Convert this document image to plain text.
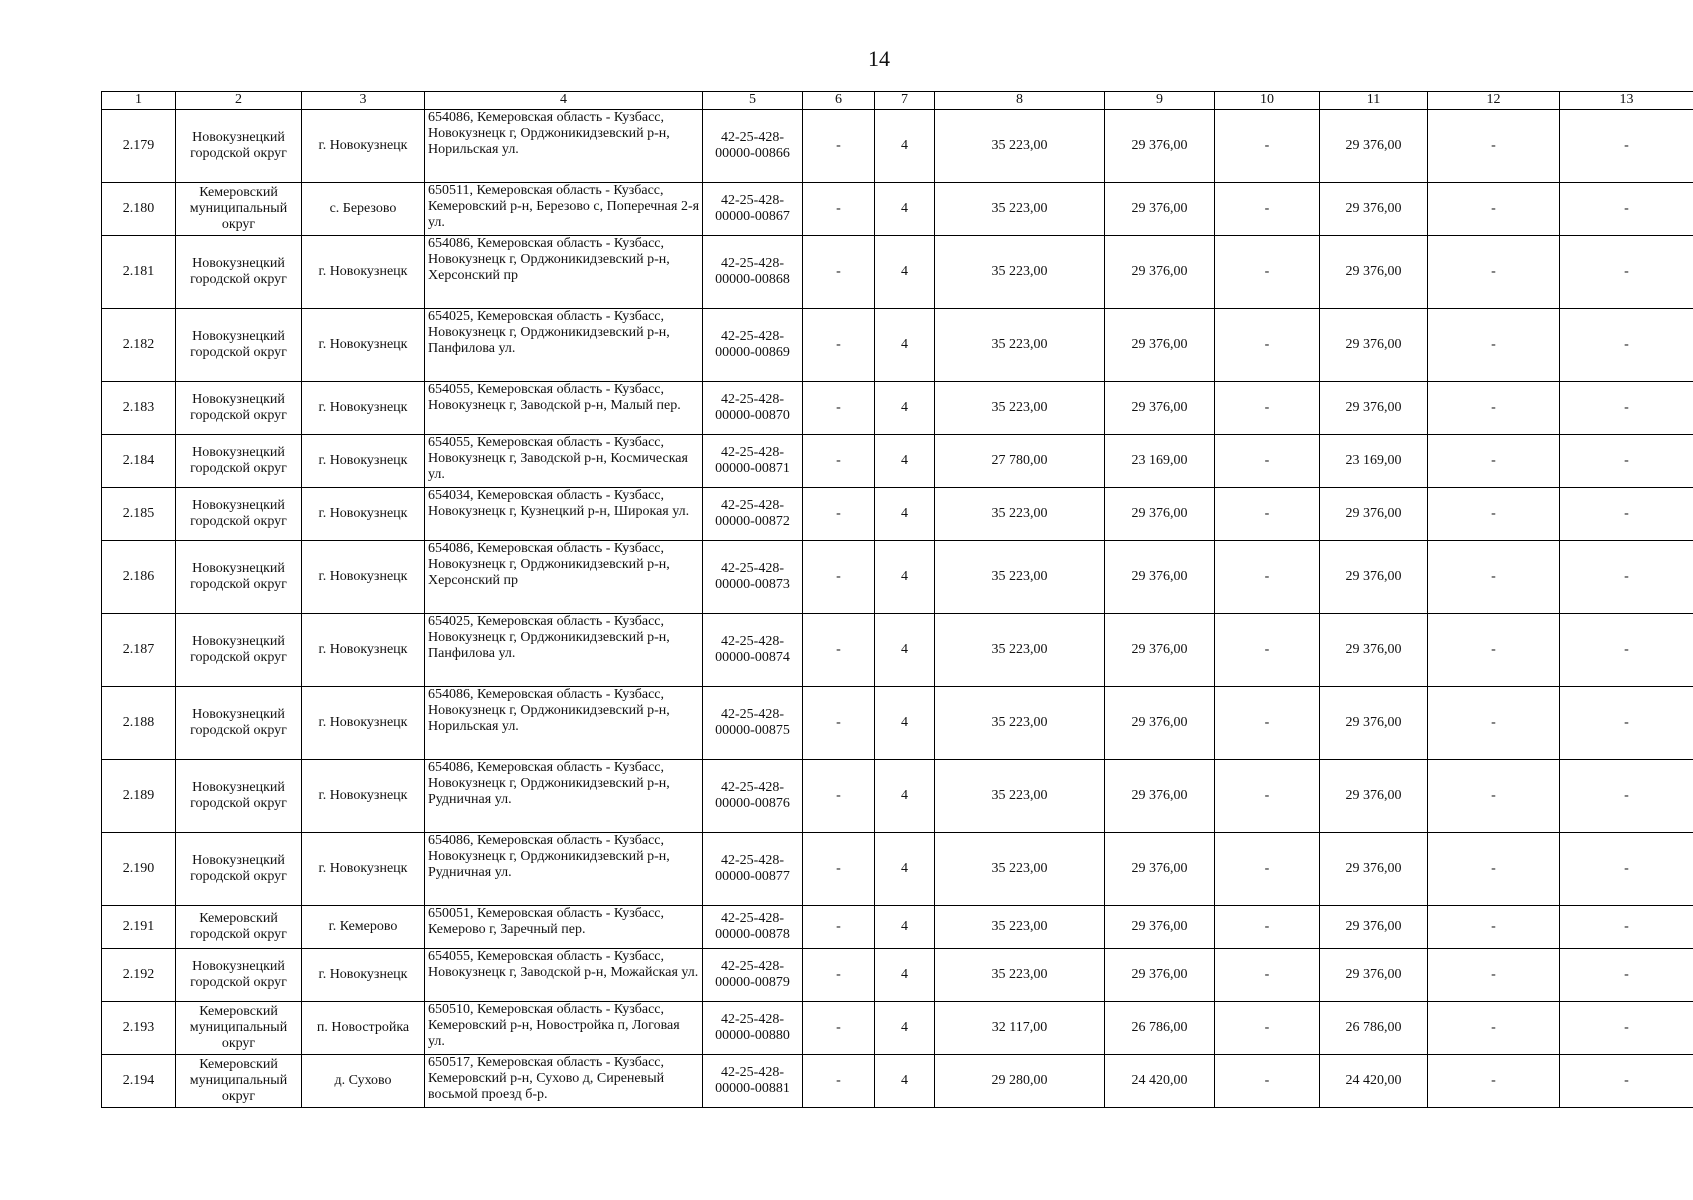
14
1	2	3	4	5	6	7	8	9	10	11	12	13
2.179	Новокузнецкий городской округ	г. Новокузнецк	654086, Кемеровская область - Кузбасс, Новокузнецк г, Орджоникидзевский р-н, Норильская ул.	42-25-428-00000-00866	-	4	35 223,00	29 376,00	-	29 376,00	-	-
2.180	Кемеровский муниципальный округ	с. Березово	650511, Кемеровская область - Кузбасс, Кемеровский р-н, Березово с, Поперечная 2-я ул.	42-25-428-00000-00867	-	4	35 223,00	29 376,00	-	29 376,00	-	-
2.181	Новокузнецкий городской округ	г. Новокузнецк	654086, Кемеровская область - Кузбасс, Новокузнецк г, Орджоникидзевский р-н, Херсонский пр	42-25-428-00000-00868	-	4	35 223,00	29 376,00	-	29 376,00	-	-
2.182	Новокузнецкий городской округ	г. Новокузнецк	654025, Кемеровская область - Кузбасс, Новокузнецк г, Орджоникидзевский р-н, Панфилова ул.	42-25-428-00000-00869	-	4	35 223,00	29 376,00	-	29 376,00	-	-
2.183	Новокузнецкий городской округ	г. Новокузнецк	654055, Кемеровская область - Кузбасс, Новокузнецк г, Заводской р-н, Малый пер.	42-25-428-00000-00870	-	4	35 223,00	29 376,00	-	29 376,00	-	-
2.184	Новокузнецкий городской округ	г. Новокузнецк	654055, Кемеровская область - Кузбасс, Новокузнецк г, Заводской р-н, Космическая ул.	42-25-428-00000-00871	-	4	27 780,00	23 169,00	-	23 169,00	-	-
2.185	Новокузнецкий городской округ	г. Новокузнецк	654034, Кемеровская область - Кузбасс, Новокузнецк г, Кузнецкий р-н, Широкая ул.	42-25-428-00000-00872	-	4	35 223,00	29 376,00	-	29 376,00	-	-
2.186	Новокузнецкий городской округ	г. Новокузнецк	654086, Кемеровская область - Кузбасс, Новокузнецк г, Орджоникидзевский р-н, Херсонский пр	42-25-428-00000-00873	-	4	35 223,00	29 376,00	-	29 376,00	-	-
2.187	Новокузнецкий городской округ	г. Новокузнецк	654025, Кемеровская область - Кузбасс, Новокузнецк г, Орджоникидзевский р-н, Панфилова ул.	42-25-428-00000-00874	-	4	35 223,00	29 376,00	-	29 376,00	-	-
2.188	Новокузнецкий городской округ	г. Новокузнецк	654086, Кемеровская область - Кузбасс, Новокузнецк г, Орджоникидзевский р-н, Норильская ул.	42-25-428-00000-00875	-	4	35 223,00	29 376,00	-	29 376,00	-	-
2.189	Новокузнецкий городской округ	г. Новокузнецк	654086, Кемеровская область - Кузбасс, Новокузнецк г, Орджоникидзевский р-н, Рудничная ул.	42-25-428-00000-00876	-	4	35 223,00	29 376,00	-	29 376,00	-	-
2.190	Новокузнецкий городской округ	г. Новокузнецк	654086, Кемеровская область - Кузбасс, Новокузнецк г, Орджоникидзевский р-н, Рудничная ул.	42-25-428-00000-00877	-	4	35 223,00	29 376,00	-	29 376,00	-	-
2.191	Кемеровский городской округ	г. Кемерово	650051, Кемеровская область - Кузбасс, Кемерово г, Заречный пер.	42-25-428-00000-00878	-	4	35 223,00	29 376,00	-	29 376,00	-	-
2.192	Новокузнецкий городской округ	г. Новокузнецк	654055, Кемеровская область - Кузбасс, Новокузнецк г, Заводской р-н, Можайская ул.	42-25-428-00000-00879	-	4	35 223,00	29 376,00	-	29 376,00	-	-
2.193	Кемеровский муниципальный округ	п. Новостройка	650510, Кемеровская область - Кузбасс, Кемеровский р-н, Новостройка п, Логовая ул.	42-25-428-00000-00880	-	4	32 117,00	26 786,00	-	26 786,00	-	-
2.194	Кемеровский муниципальный округ	д. Сухово	650517, Кемеровская область - Кузбасс, Кемеровский р-н, Сухово д, Сиреневый восьмой проезд б-р.	42-25-428-00000-00881	-	4	29 280,00	24 420,00	-	24 420,00	-	-
